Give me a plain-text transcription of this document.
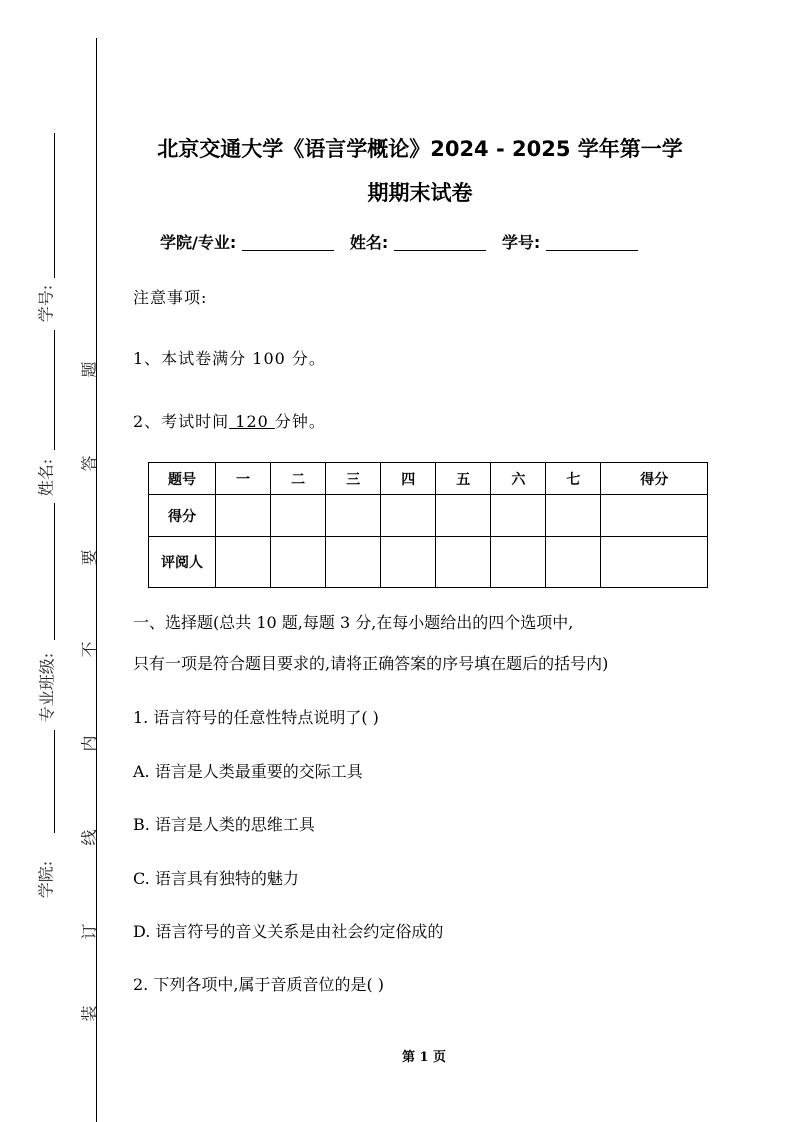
学号:
姓名:
专业班级:
学院:
题
答
要
不
内
线
订
装
北京交通大学《语言学概论》2024 - 2025 学年第一学
期期末试卷
学院/专业:	姓名:	学号:
注意事项:
1、本试卷满分 100 分。
2、考试时间 120 分钟。
题号	一	二	三	四	五	六	七	得分
得分								
评阅人								
一、选择题(总共 10 题,每题 3 分,在每小题给出的四个选项中,
只有一项是符合题目要求的,请将正确答案的序号填在题后的括号内)
1. 语言符号的任意性特点说明了( )
A. 语言是人类最重要的交际工具
B. 语言是人类的思维工具
C. 语言具有独特的魅力
D. 语言符号的音义关系是由社会约定俗成的
2. 下列各项中,属于音质音位的是( )
第 1 页
